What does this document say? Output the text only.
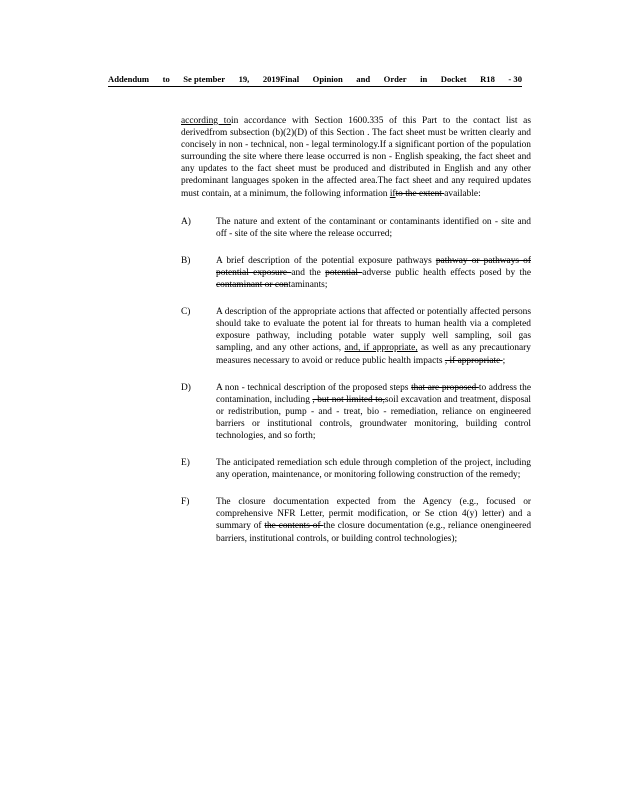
Addendum to Se ptember 19, 2019Final Opinion and Order in Docket R18 - 30

according toin accordance with Section 1600.335 of this Part to the contact list as derivedfrom subsection (b)(2)(D) of this Section . The fact sheet must be written clearly and concisely in non - technical, non - legal terminology.If a significant portion of the population surrounding the site where there lease occurred is non - English speaking, the fact sheet and any updates to the fact sheet must be produced and distributed in English and any other predominant languages spoken in the affected area.The fact sheet and any required updates must contain, at a minimum, the following information ifto the extent available:

A)	The nature and extent of the contaminant or contaminants identified on - site and off - site of the site where the release occurred;
B)	A brief description of the potential exposure pathways pathway or pathways of potential exposure and the potential adverse public health effects posed by the contaminant or contaminants;
C)	A description of the appropriate actions that affected or potentially affected persons should take to evaluate the potent ial for threats to human health via a completed exposure pathway, including potable water supply well sampling, soil gas sampling, and any other actions, and, if appropriate, as well as any precautionary measures necessary to avoid or reduce public health impacts , if appropriate ;
D)	A non - technical description of the proposed steps that are proposed to address the contamination, including , but not limited to,soil excavation and treatment, disposal or redistribution, pump - and - treat, bio - remediation, reliance on engineered barriers or institutional controls, groundwater monitoring, building control technologies, and so forth;
E)	The anticipated remediation sch edule through completion of the project, including any operation, maintenance, or monitoring following construction of the remedy;
F)	The closure documentation expected from the Agency (e.g., focused or comprehensive NFR Letter, permit modification, or Se ction 4(y) letter) and a summary of the contents of the closure documentation (e.g., reliance onengineered barriers, institutional controls, or building control technologies);
